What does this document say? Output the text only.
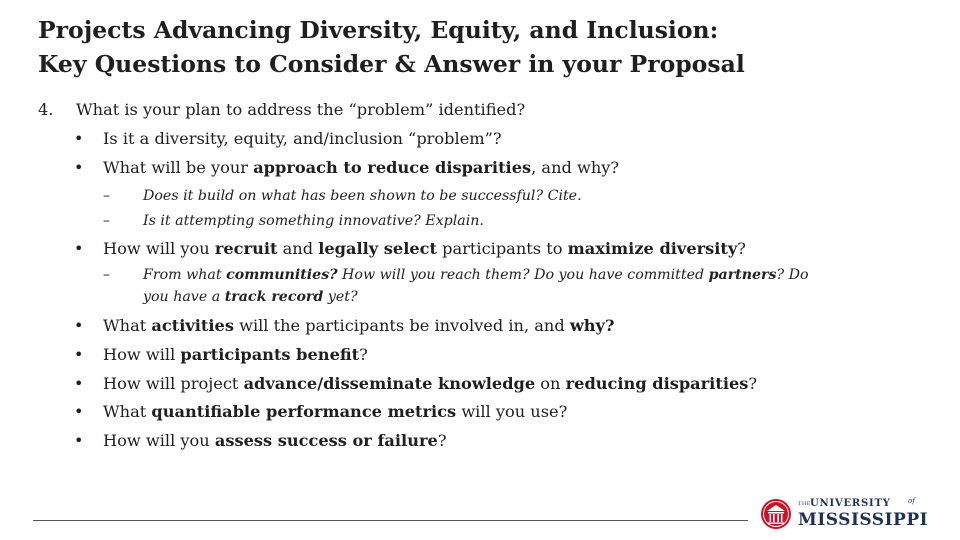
Projects Advancing Diversity, Equity, and Inclusion:
Key Questions to Consider & Answer in your Proposal
4. What is your plan to address the “problem” identified?
• Is it a diversity, equity, and/inclusion “problem”?
• What will be your approach to reduce disparities, and why?
– Does it build on what has been shown to be successful? Cite.
– Is it attempting something innovative? Explain.
• How will you recruit and legally select participants to maximize diversity?
– From what communities? How will you reach them? Do you have committed partners? Do
you have a track record yet?
• What activities will the participants be involved in, and why?
• How will participants benefit?
• How will project advance/disseminate knowledge on reducing disparities?
• What quantifiable performance metrics will you use?
• How will you assess success or failure?
THE UNIVERSITY of
MISSISSIPPI
